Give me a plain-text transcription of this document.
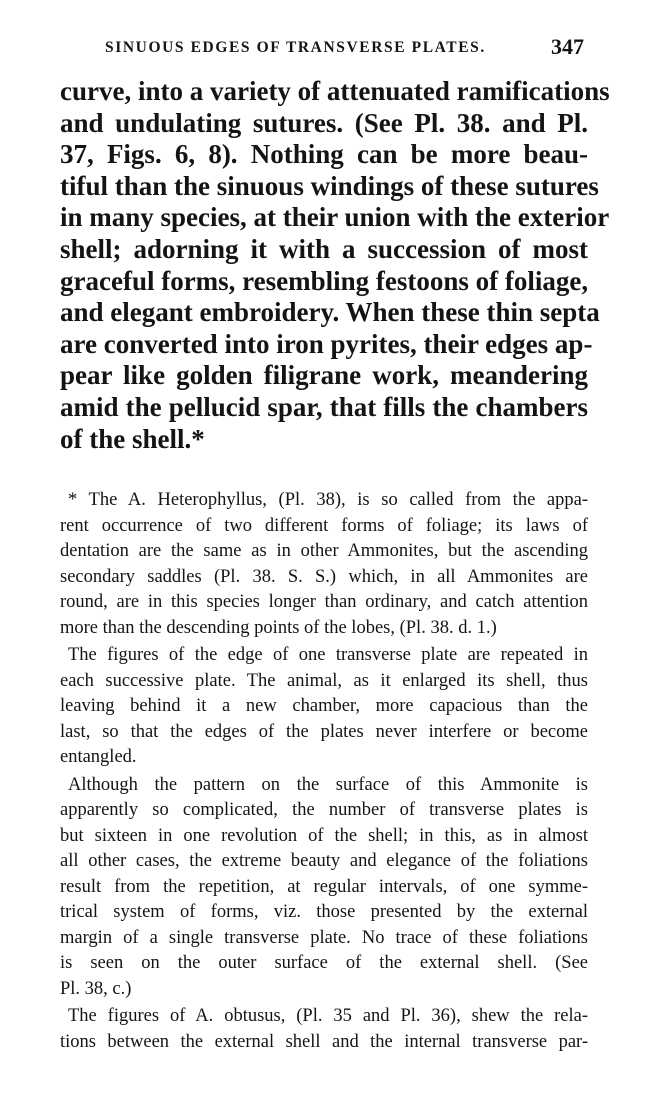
SINUOUS EDGES OF TRANSVERSE PLATES.	347
curve, into a variety of attenuated ramifications
and undulating sutures. (See Pl. 38. and Pl.
37, Figs. 6, 8). Nothing can be more beau-
tiful than the sinuous windings of these sutures
in many species, at their union with the exterior
shell; adorning it with a succession of most
graceful forms, resembling festoons of foliage,
and elegant embroidery. When these thin septa
are converted into iron pyrites, their edges ap-
pear like golden filigrane work, meandering
amid the pellucid spar, that fills the chambers
of the shell.*
* The A. Heterophyllus, (Pl. 38), is so called from the appa-
rent occurrence of two different forms of foliage; its laws of
dentation are the same as in other Ammonites, but the ascending
secondary saddles (Pl. 38. S. S.) which, in all Ammonites are
round, are in this species longer than ordinary, and catch attention
more than the descending points of the lobes, (Pl. 38. d. 1.)
The figures of the edge of one transverse plate are repeated in
each successive plate. The animal, as it enlarged its shell, thus
leaving behind it a new chamber, more capacious than the
last, so that the edges of the plates never interfere or become
entangled.
Although the pattern on the surface of this Ammonite is
apparently so complicated, the number of transverse plates is
but sixteen in one revolution of the shell; in this, as in almost
all other cases, the extreme beauty and elegance of the foliations
result from the repetition, at regular intervals, of one symme-
trical system of forms, viz. those presented by the external
margin of a single transverse plate. No trace of these foliations
is seen on the outer surface of the external shell. (See
Pl. 38, c.)
The figures of A. obtusus, (Pl. 35 and Pl. 36), shew the rela-
tions between the external shell and the internal transverse par-
